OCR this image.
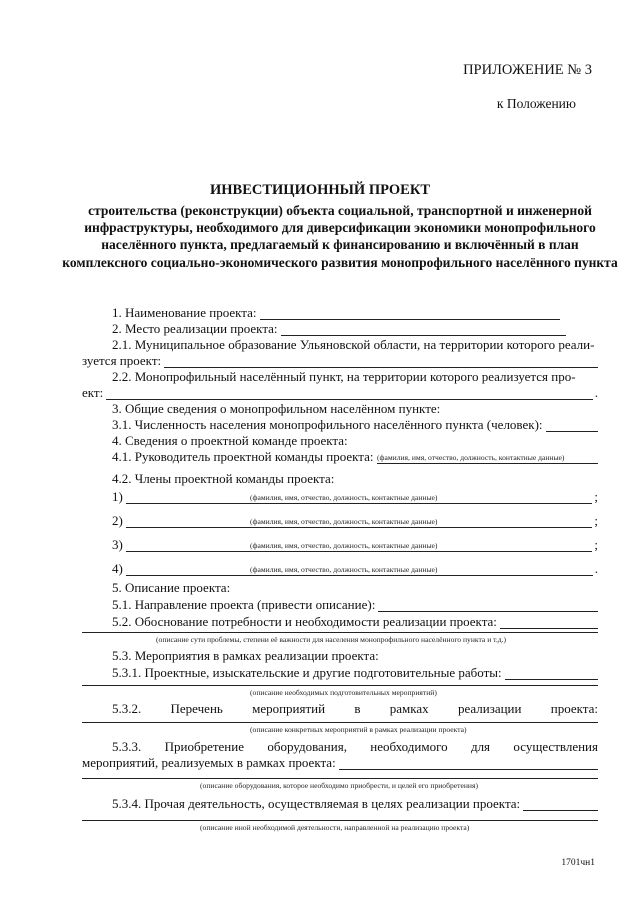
ПРИЛОЖЕНИЕ № 3
к Положению
ИНВЕСТИЦИОННЫЙ ПРОЕКТ
строительства (реконструкции) объекта социальной, транспортной и инженерной инфраструктуры, необходимого для диверсификации экономики монопрофильного населённого пункта, предлагаемый к финансированию и включённый в план комплексного социально-экономического развития монопрофильного населённого пункта
1. Наименование проекта:
2. Место реализации проекта:
2.1. Муниципальное образование Ульяновской области, на территории которого реали-
зуется проект:
2.2. Монопрофильный населённый пункт, на территории которого реализуется про-
ект:	.
3. Общие сведения о монопрофильном населённом пункте:
3.1. Численность населения монопрофильного населённого пункта (человек):
4. Сведения о проектной команде проекта:
4.1. Руководитель проектной команды проекта: (фамилия, имя, отчество, должность, контактные данные)
4.2. Члены проектной команды проекта:
1)	;
(фамилия, имя, отчество, должность, контактные данные)
2)	;
(фамилия, имя, отчество, должность, контактные данные)
3)	;
(фамилия, имя, отчество, должность, контактные данные)
4)	.
(фамилия, имя, отчество, должность, контактные данные)
5. Описание проекта:
5.1. Направление проекта (привести описание):
5.2. Обоснование потребности и необходимости реализации проекта:
(описание сути проблемы, степени её важности для населения монопрофильного населённого пункта и т.д.)
5.3. Мероприятия в рамках реализации проекта:
5.3.1. Проектные, изыскательские и другие подготовительные работы:
(описание необходимых подготовительных мероприятий)
5.3.2. Перечень мероприятий в рамках реализации проекта:
(описание конкретных мероприятий в рамках реализации проекта)
5.3.3. Приобретение оборудования, необходимого для осуществления
мероприятий, реализуемых в рамках проекта:
(описание оборудования, которое необходимо приобрести, и целей его приобретения)
5.3.4. Прочая деятельность, осуществляемая в целях реализации проекта:
(описание иной необходимой деятельности, направленной на реализацию проекта)
1701чн1
